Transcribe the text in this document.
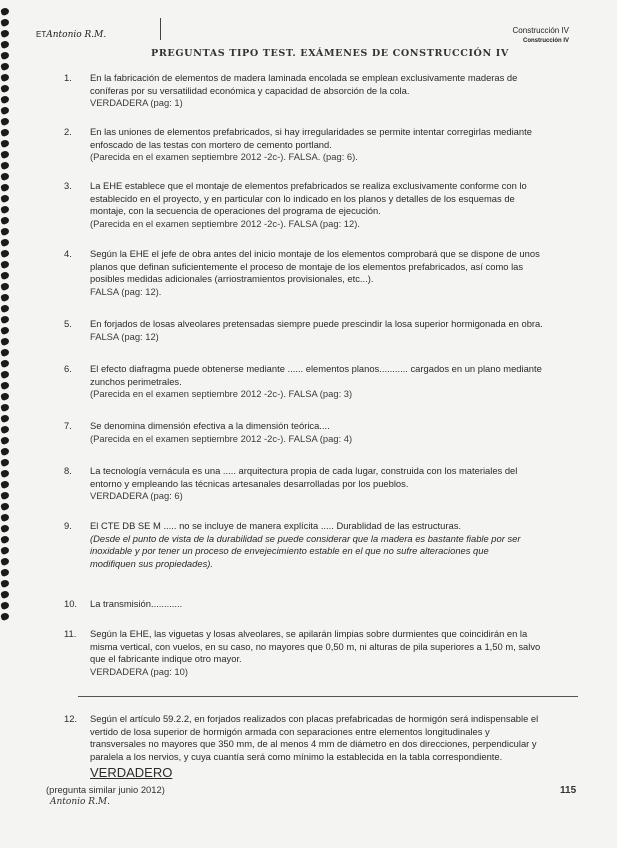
ETAntonio R.M.	Construcción IV
Construcción IV
PREGUNTAS TIPO TEST. EXÁMENES DE CONSTRUCCIÓN IV
1.	En la fabricación de elementos de madera laminada encolada se emplean exclusivamente maderas de
coníferas por su versatilidad económica y capacidad de absorción de la cola.
VERDADERA (pag: 1)
2.	En las uniones de elementos prefabricados, si hay irregularidades se permite intentar corregirlas mediante
enfoscado de las testas con mortero de cemento portland.
(Parecida en el examen septiembre 2012 -2c-). FALSA. (pag: 6).
3.	La EHE establece que el montaje de elementos prefabricados se realiza exclusivamente conforme con lo
establecido en el proyecto, y en particular con lo indicado en los planos y detalles de los esquemas de
montaje, con la secuencia de operaciones del programa de ejecución.
(Parecida en el examen septiembre 2012 -2c-). FALSA (pag: 12).
4.	Según la EHE el jefe de obra antes del inicio montaje de los elementos comprobará que se dispone de unos
planos que definan suficientemente el proceso de montaje de los elementos prefabricados, así como las
posibles medidas adicionales (arriostramientos provisionales, etc...).
FALSA (pag: 12).
5.	En forjados de losas alveolares pretensadas siempre puede prescindir la losa superior hormigonada en obra.
FALSA (pag: 12)
6.	El efecto diafragma puede obtenerse mediante ...... elementos planos........... cargados en un plano mediante
zunchos perimetrales.
(Parecida en el examen septiembre 2012 -2c-). FALSA (pag: 3)
7.	Se denomina dimensión efectiva a la dimensión teórica....
(Parecida en el examen septiembre 2012 -2c-). FALSA (pag: 4)
8.	La tecnología vernácula es una ..... arquitectura propia de cada lugar, construida con los materiales del
entorno y empleando las técnicas artesanales desarrolladas por los pueblos.
VERDADERA (pag: 6)
9.	El CTE DB SE M ..... no se incluye de manera explícita ..... Durablidad de las estructuras.
(Desde el punto de vista de la durabilidad se puede considerar que la madera es bastante fiable por ser
inoxidable y por tener un proceso de envejecimiento estable en el que no sufre alteraciones que
modifiquen sus propiedades).
10.	La transmisión............
11.	Según la EHE, las viguetas y losas alveolares, se apilarán limpias sobre durmientes que coincidirán en la
misma vertical, con vuelos, en su caso, no mayores que 0,50 m, ni alturas de pila superiores a 1,50 m, salvo
que el fabricante indique otro mayor.
VERDADERA (pag: 10)
12.	Según el artículo 59.2.2, en forjados realizados con placas prefabricadas de hormigón será indispensable el
vertido de losa superior de hormigón armada con separaciones entre elementos longitudinales y
transversales no mayores que 350 mm, de al menos 4 mm de diámetro en dos direcciones, perpendicular y
paralela a los nervios, y cuya cuantía será como mínimo la establecida en la tabla correspondiente.
VERDADERO
(pregunta similar junio 2012)
Antonio R.M.
115
